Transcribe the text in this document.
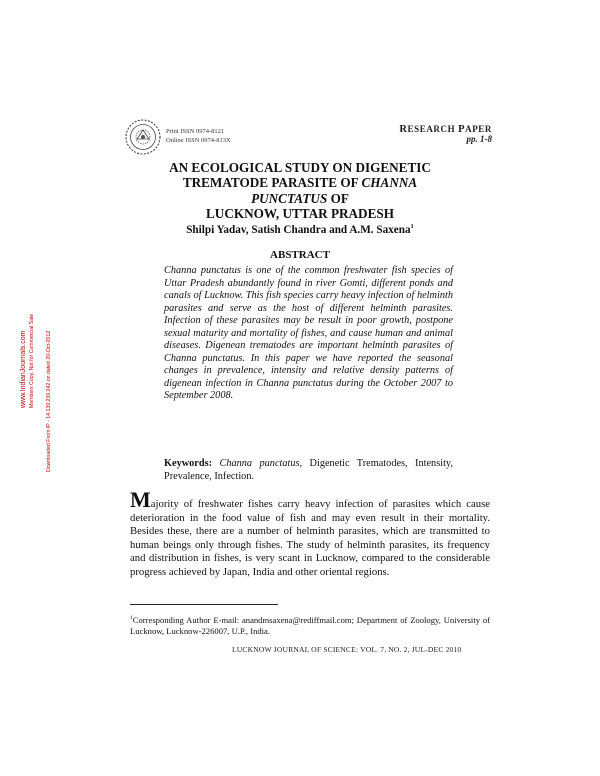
Print ISSN 0974-8121
Online ISSN 0974-813X
RESEARCH PAPER
pp. 1-8
AN ECOLOGICAL STUDY ON DIGENETIC
TREMATODE PARASITE OF CHANNA PUNCTATUS OF
LUCKNOW, UTTAR PRADESH
Shilpi Yadav, Satish Chandra and A.M. Saxena$^1$
ABSTRACT
Channa punctatus is one of the common freshwater fish species of Uttar Pradesh abundantly found in river Gomti, different ponds and canals of Lucknow. This fish species carry heavy infection of helminth parasites and serve as the host of different helminth parasites. Infection of these parasites may be result in poor growth, postpone sexual maturity and mortality of fishes, and cause human and animal diseases. Digenean trematodes are important helminth parasites of Channa punctatus. In this paper we have reported the seasonal changes in prevalence, intensity and relative density patterns of digenean infection in Channa punctatus during the October 2007 to September 2008.
Keywords: Channa punctatus, Digenetic Trematodes, Intensity, Prevalence, Infection.
Majority of freshwater fishes carry heavy infection of parasites which cause deterioration in the food value of fish and may even result in their mortality. Besides these, there are a number of helminth parasites, which are transmitted to human beings only through fishes. The study of helminth parasites, its frequency and distribution in fishes, is very scant in Lucknow, compared to the considerable progress achieved by Japan, India and other oriental regions.
$^1$Corresponding Author E-mail: anandmsaxena@rediffmail.com; Department of Zoology, University of Lucknow, Lucknow-226007, U.P., India.
LUCKNOW JOURNAL OF SCIENCE: VOL. 7, NO. 2, JUL-DEC 2010
www.IndianJournals.com Members Copy, Not for Commercial Sale Downloaded From IP - 14.139.236.242 on dated 20-Oct-2012
